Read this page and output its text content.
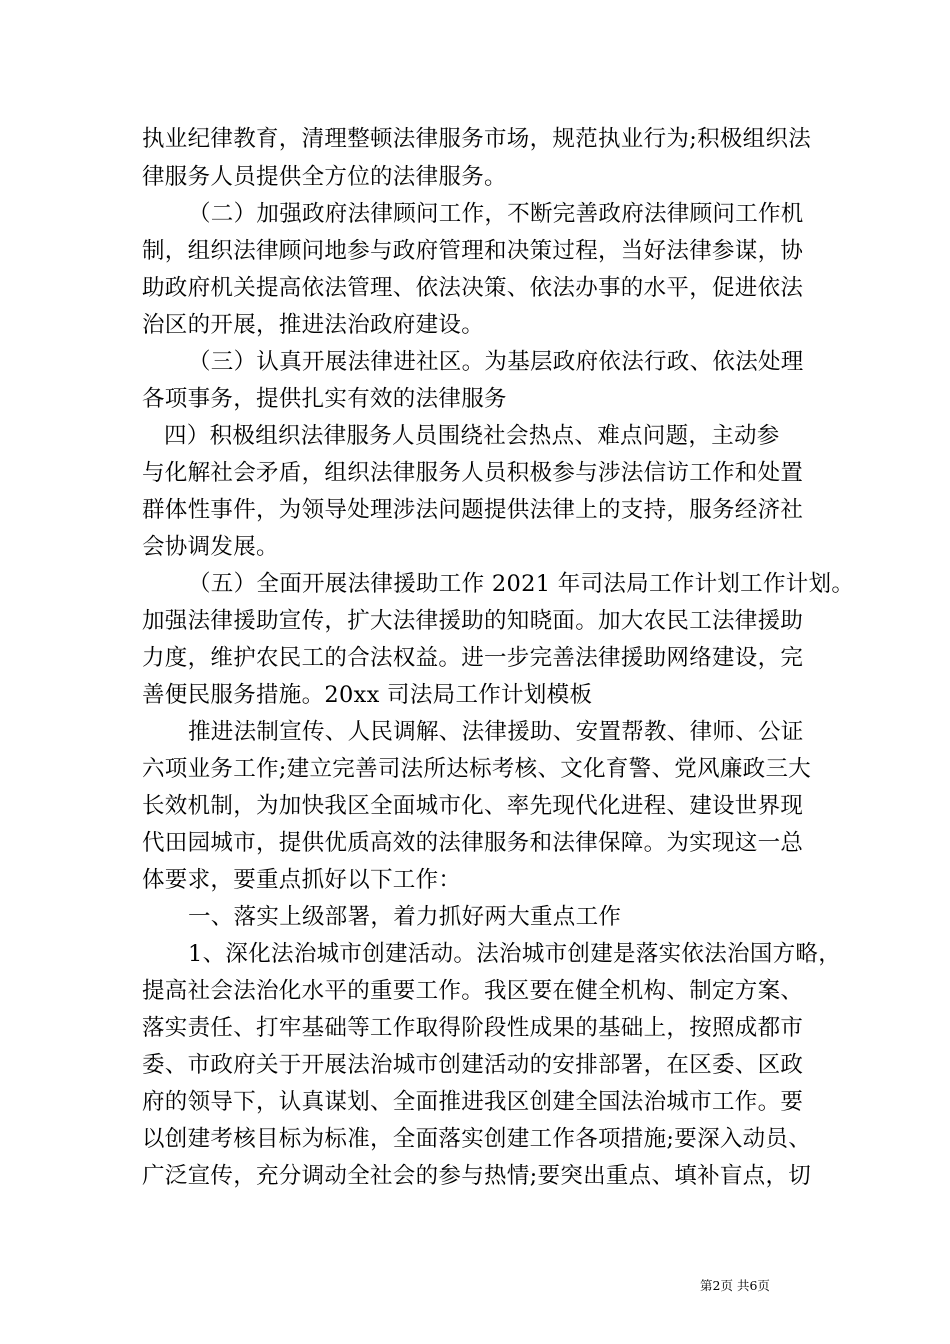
执业纪律教育，清理整顿法律服务市场，规范执业行为;积极组织法
律服务人员提供全方位的法律服务。
（二）加强政府法律顾问工作，不断完善政府法律顾问工作机
制，组织法律顾问地参与政府管理和决策过程，当好法律参谋，协
助政府机关提高依法管理、依法决策、依法办事的水平，促进依法
治区的开展，推进法治政府建设。
（三）认真开展法律进社区。为基层政府依法行政、依法处理
各项事务，提供扎实有效的法律服务
四）积极组织法律服务人员围绕社会热点、难点问题，主动参
与化解社会矛盾，组织法律服务人员积极参与涉法信访工作和处置
群体性事件，为领导处理涉法问题提供法律上的支持，服务经济社
会协调发展。
（五）全面开展法律援助工作 2021 年司法局工作计划工作计划。
加强法律援助宣传，扩大法律援助的知晓面。加大农民工法律援助
力度，维护农民工的合法权益。进一步完善法律援助网络建设，完
善便民服务措施。20xx 司法局工作计划模板
推进法制宣传、人民调解、法律援助、安置帮教、律师、公证
六项业务工作;建立完善司法所达标考核、文化育警、党风廉政三大
长效机制，为加快我区全面城市化、率先现代化进程、建设世界现
代田园城市，提供优质高效的法律服务和法律保障。为实现这一总
体要求，要重点抓好以下工作：
一、落实上级部署，着力抓好两大重点工作
1、深化法治城市创建活动。法治城市创建是落实依法治国方略，
提高社会法治化水平的重要工作。我区要在健全机构、制定方案、
落实责任、打牢基础等工作取得阶段性成果的基础上，按照成都市
委、市政府关于开展法治城市创建活动的安排部署，在区委、区政
府的领导下，认真谋划、全面推进我区创建全国法治城市工作。要
以创建考核目标为标准，全面落实创建工作各项措施;要深入动员、
广泛宣传，充分调动全社会的参与热情;要突出重点、填补盲点，切
第2页 共6页
